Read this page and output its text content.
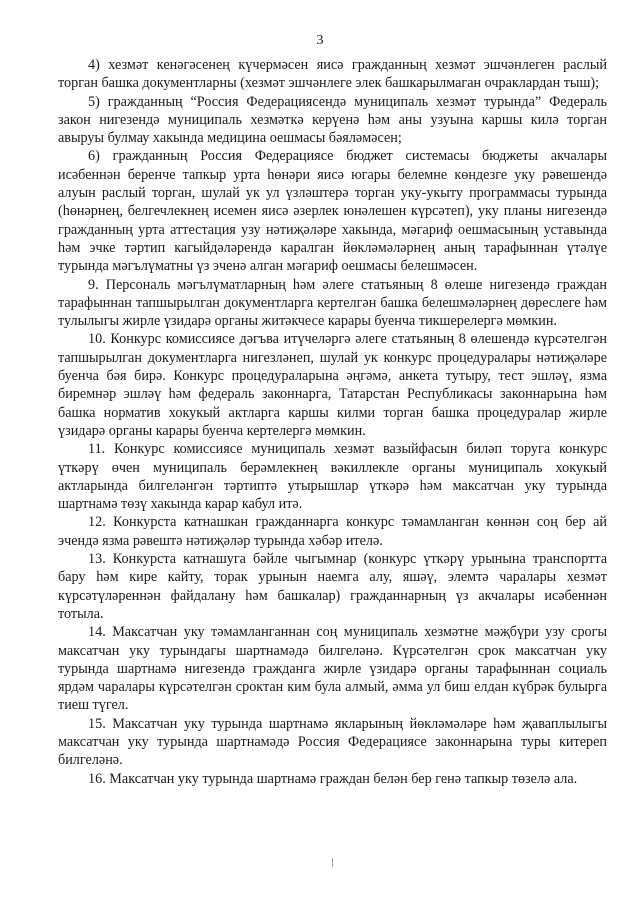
3

4) хезмәт кенәгәсенең күчермәсен яисә гражданның хезмәт эшчәнлеген раслый торган башка документларны (хезмәт эшчәнлеге элек башкарылмаган очраклардан тыш);

5) гражданның “Россия Федерациясендә муниципаль хезмәт турында” Федераль закон нигезендә муниципаль хезмәткә керүенә һәм аны узуына каршы килә торган авыруы булмау хакында медицина оешмасы бәяләмәсен;

6) гражданның Россия Федерациясе бюджет системасы бюджеты акчалары исәбеннән беренче тапкыр урта һөнәри яисә югары белемне көндезге уку рәвешендә алуын раслый торган, шулай ук ул үзләштерә торган уку-укыту программасы турында (һөнәрнең, белгечлекнең исемен яисә әзерлек юнәлешен күрсәтеп), уку планы нигезендә гражданның урта аттестация узу нәтиҗәләре хакында, мәгариф оешмасының уставында һәм эчке тәртип кагыйдәләрендә каралган йөкләмәләрнең аның тарафыннан үтәлүе турында мәгълүматны үз эченә алган мәгариф оешмасы белешмәсен.

9. Персональ мәгълүматларның һәм әлеге статьяның 8 өлеше нигезендә граждан тарафыннан тапшырылган документларга кертелгән башка белешмәләрнең дөреслеге һәм тулылыгы жирле үзидарә органы житәкчесе карары буенча тикшерелергә мөмкин.

10. Конкурс комиссиясе дәгъва итүчеләргә әлеге статьяның 8 өлешендә күрсәтелгән тапшырылган документларга нигезләнеп, шулай ук конкурс процедуралары нәтиҗәләре буенча бәя бирә. Конкурс процедураларына әңгәмә, анкета тутыру, тест эшләү, язма биремнәр эшләү һәм федераль законнарга, Татарстан Республикасы законнарына һәм башка норматив хокукый актларга каршы килми торган башка процедуралар жирле үзидарә органы карары буенча кертелергә мөмкин.

11. Конкурс комиссиясе муниципаль хезмәт вазыйфасын биләп торуга конкурс үткәрү өчен муниципаль берәмлекнең вәкиллекле органы муниципаль хокукый актларында билгеләнгән тәртиптә утырышлар үткәрә һәм максатчан уку турында шартнамә төзү хакында карар кабул итә.

12. Конкурста катнашкан гражданнарга конкурс тәмамланган көннән соң бер ай эчендә язма рәвештә нәтиҗәләр турында хәбәр ителә.

13. Конкурста катнашуга бәйле чыгымнар (конкурс үткәрү урынына транспортта бару һәм кире кайту, торак урынын наемга алу, яшәү, элемтә чаралары хезмәт күрсәтүләреннән файдалану һәм башкалар) гражданнарның үз акчалары исәбеннән тотыла.

14. Максатчан уку тәмамланганнан соң муниципаль хезмәтне мәҗбүри узу срогы максатчан уку турындагы шартнамәдә билгеләнә. Күрсәтелгән срок максатчан уку турында шартнамә нигезендә гражданга жирле үзидарә органы тарафыннан социаль ярдәм чаралары күрсәтелгән сроктан ким була алмый, әмма ул биш елдан күбрәк булырга тиеш түгел.

15. Максатчан уку турында шартнамә якларының йөкләмәләре һәм җаваплылыгы максатчан уку турында шартнамәдә Россия Федерациясе законнарына туры китереп билгеләнә.

16. Максатчан уку турында шартнамә граждан белән бер генә тапкыр төзелә ала.
